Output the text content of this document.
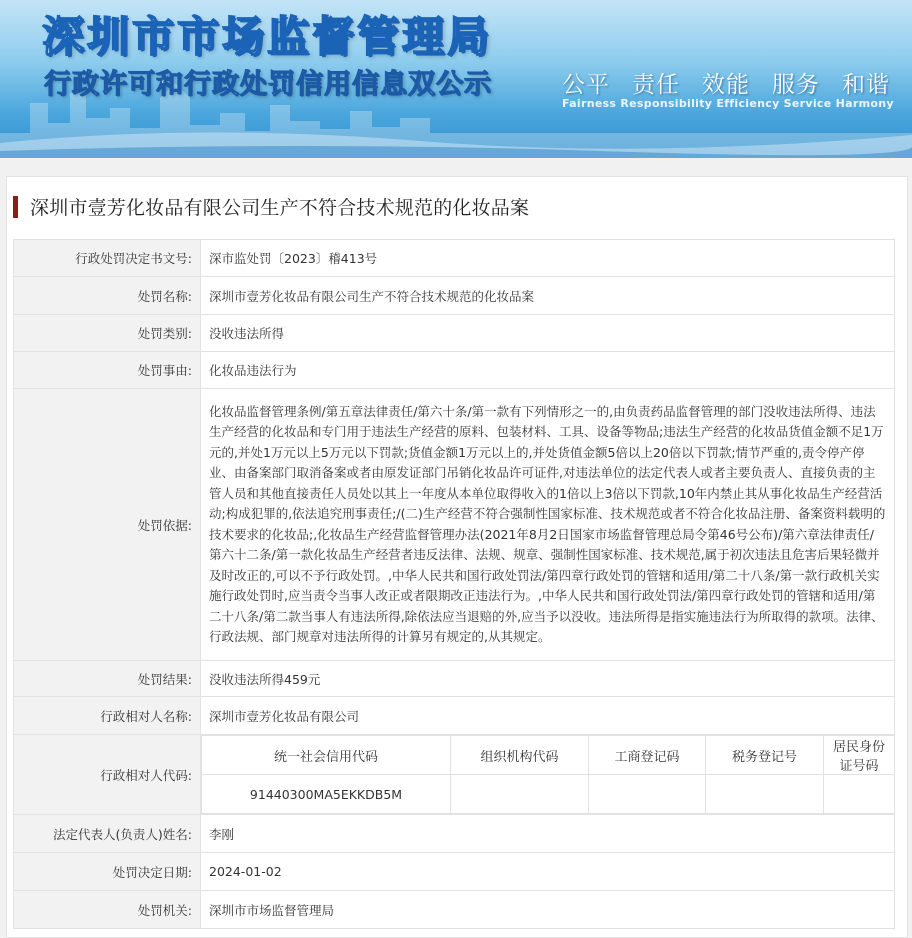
深圳市市场监督管理局
行政许可和行政处罚信用信息双公示	公平 责任 效能 服务 和谐
Fairness Responsibility Efficiency Service Harmony
深圳市壹芳化妆品有限公司生产不符合技术规范的化妆品案
行政处罚决定书文号:	深市监处罚〔2023〕稽413号
处罚名称:	深圳市壹芳化妆品有限公司生产不符合技术规范的化妆品案
处罚类别:	没收违法所得
处罚事由:	化妆品违法行为
处罚依据:	化妆品监督管理条例/第五章法律责任/第六十条/第一款有下列情形之一的,由负责药品监督管理的部门没收违法所得、违法生产经营的化妆品和专门用于违法生产经营的原料、包装材料、工具、设备等物品;违法生产经营的化妆品货值金额不足1万元的,并处1万元以上5万元以下罚款;货值金额1万元以上的,并处货值金额5倍以上20倍以下罚款;情节严重的,责令停产停业、由备案部门取消备案或者由原发证部门吊销化妆品许可证件,对违法单位的法定代表人或者主要负责人、直接负责的主管人员和其他直接责任人员处以其上一年度从本单位取得收入的1倍以上3倍以下罚款,10年内禁止其从事化妆品生产经营活动;构成犯罪的,依法追究刑事责任;/(二)生产经营不符合强制性国家标准、技术规范或者不符合化妆品注册、备案资料载明的技术要求的化妆品;,化妆品生产经营监督管理办法(2021年8月2日国家市场监督管理总局令第46号公布)/第六章法律责任/第六十二条/第一款化妆品生产经营者违反法律、法规、规章、强制性国家标准、技术规范,属于初次违法且危害后果轻微并及时改正的,可以不予行政处罚。,中华人民共和国行政处罚法/第四章行政处罚的管辖和适用/第二十八条/第一款行政机关实施行政处罚时,应当责令当事人改正或者限期改正违法行为。,中华人民共和国行政处罚法/第四章行政处罚的管辖和适用/第二十八条/第二款当事人有违法所得,除依法应当退赔的外,应当予以没收。违法所得是指实施违法行为所取得的款项。法律、行政法规、部门规章对违法所得的计算另有规定的,从其规定。
处罚结果:	没收违法所得459元
行政相对人名称:	深圳市壹芳化妆品有限公司
行政相对人代码:	
统一社会信用代码	组织机构代码	工商登记码	税务登记号	居民身份证号码
91440300MA5EKKDB5M				

法定代表人(负责人)姓名:	李刚
处罚决定日期:	2024-01-02
处罚机关:	深圳市市场监督管理局
